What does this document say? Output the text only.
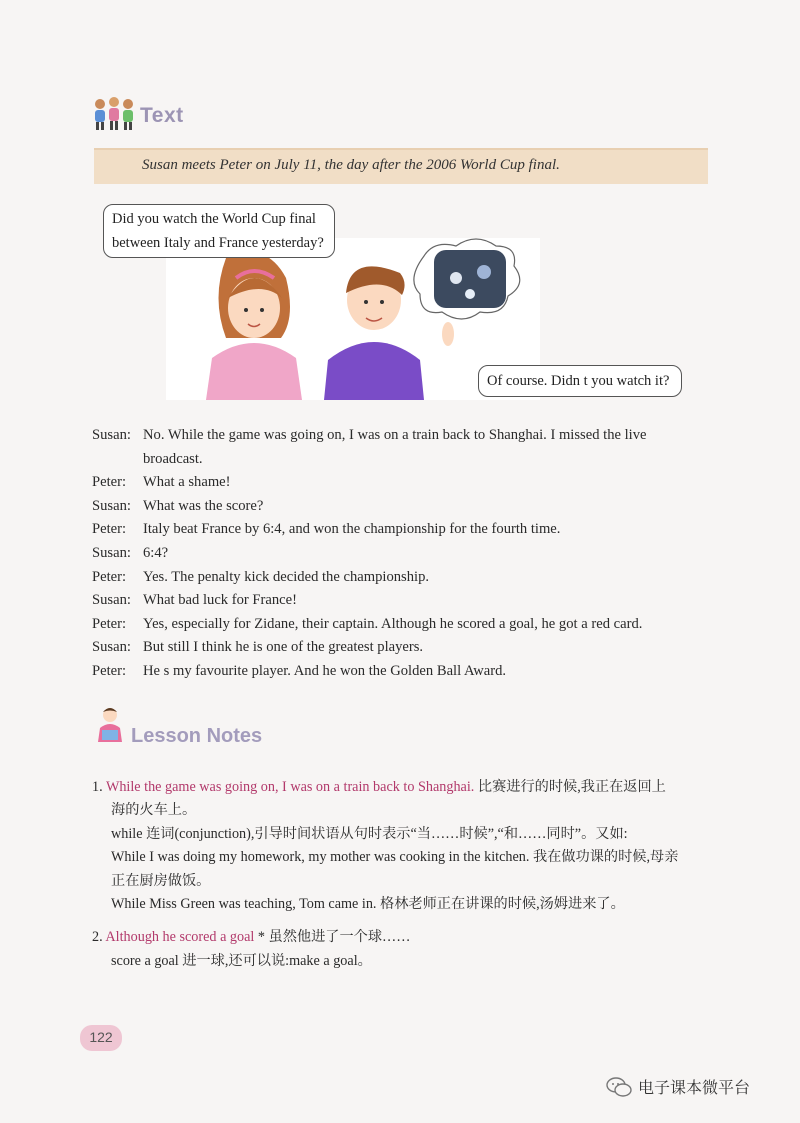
Text
Susan meets Peter on July 11, the day after the 2006 World Cup final.
Did you watch the World Cup final
between Italy and France yesterday?
Of course. Didn t you watch it?
Susan: No. While the game was going on, I was on a train back to Shanghai. I missed the live
broadcast.
Peter:	What a shame!
Susan: What was the score?
Peter:	Italy beat France by 6:4, and won the championship for the fourth time.
Susan: 6:4?
Peter:	Yes. The penalty kick decided the championship.
Susan: What bad luck for France!
Peter:	Yes, especially for Zidane, their captain. Although he scored a goal, he got a red card.
Susan: But still I think he is one of the greatest players.
Peter:	He s my favourite player. And he won the Golden Ball Award.
Lesson Notes
1. While the game was going on, I was on a train back to Shanghai. 比赛进行的时候,我正在返回上
海的火车上。
while 连词(conjunction),引导时间状语从句时表示“当……时候”,“和……同时”。又如:
While I was doing my homework, my mother was cooking in the kitchen. 我在做功课的时候,母亲
正在厨房做饭。
While Miss Green was teaching, Tom came in. 格林老师正在讲课的时候,汤姆进来了。
2. Although he scored a goal * 虽然他进了一个球……
score a goal 进一球,还可以说:make a goal。
122
电子课本微平台
